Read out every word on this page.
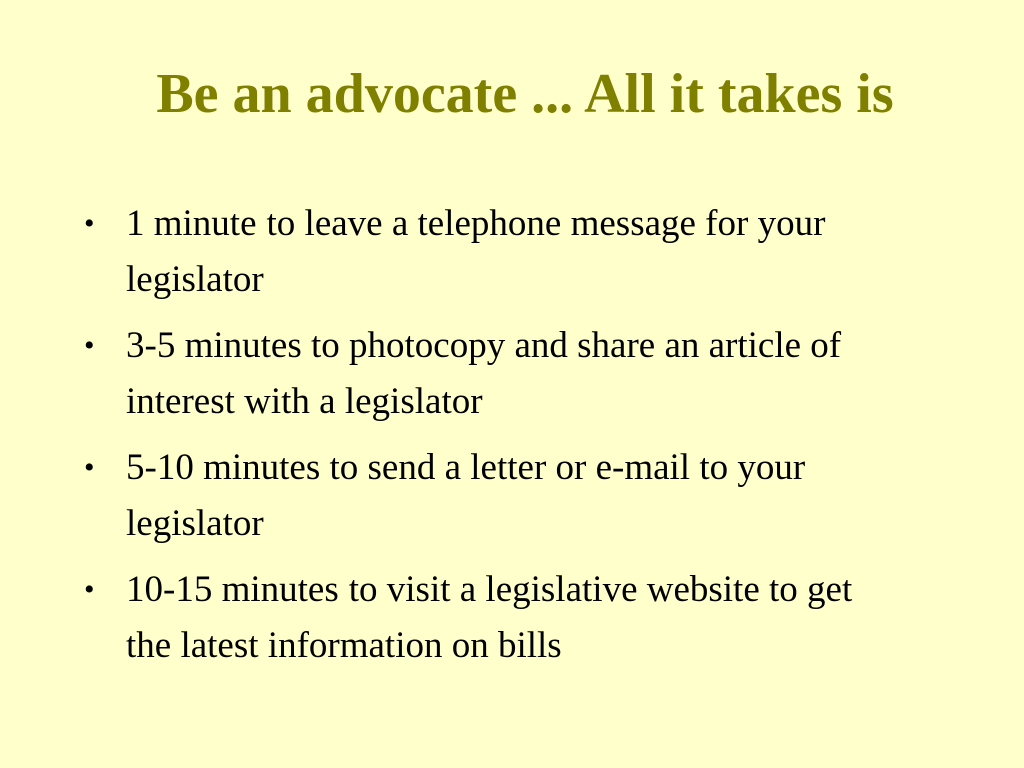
Be an advocate ... All it takes is
• 1 minute to leave a telephone message for your legislator
• 3-5 minutes to photocopy and share an article of interest with a legislator
• 5-10 minutes to send a letter or e-mail to your legislator
• 10-15 minutes to visit a legislative website to get the latest information on bills
